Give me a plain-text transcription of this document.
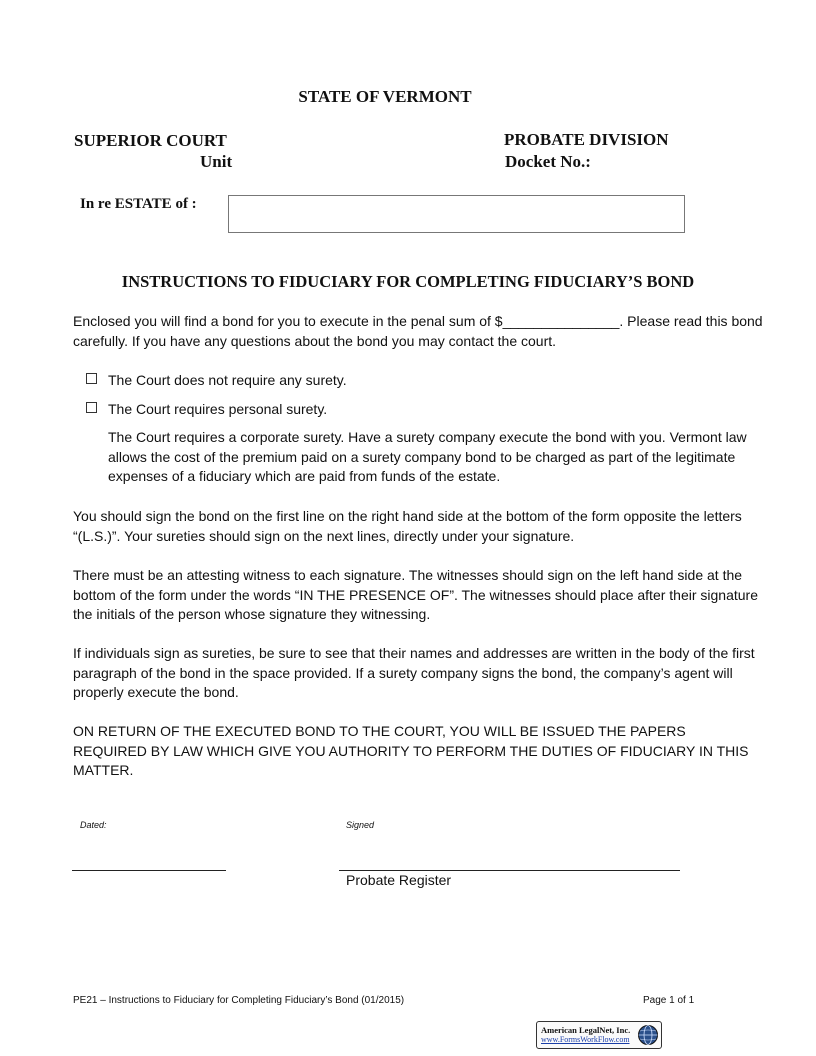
STATE OF VERMONT
SUPERIOR COURT
Unit
PROBATE DIVISION
Docket No.:
In re ESTATE of :
INSTRUCTIONS TO FIDUCIARY FOR COMPLETING FIDUCIARY’S BOND
Enclosed you will find a bond for you to execute in the penal sum of $_______________. Please read this bond carefully. If you have any questions about the bond you may contact the court.
The Court does not require any surety.
The Court requires personal surety.
The Court requires a corporate surety. Have a surety company execute the bond with you. Vermont law allows the cost of the premium paid on a surety company bond to be charged as part of the legitimate expenses of a fiduciary which are paid from funds of the estate.
You should sign the bond on the first line on the right hand side at the bottom of the form opposite the letters “(L.S.)”. Your sureties should sign on the next lines, directly under your signature.
There must be an attesting witness to each signature. The witnesses should sign on the left hand side at the bottom of the form under the words “IN THE PRESENCE OF”. The witnesses should place after their signature the initials of the person whose signature they witnessing.
If individuals sign as sureties, be sure to see that their names and addresses are written in the body of the first paragraph of the bond in the space provided. If a surety company signs the bond, the company’s agent will properly execute the bond.
ON RETURN OF THE EXECUTED BOND TO THE COURT, YOU WILL BE ISSUED THE PAPERS REQUIRED BY LAW WHICH GIVE YOU AUTHORITY TO PERFORM THE DUTIES OF FIDUCIARY IN THIS MATTER.
Dated:	Signed
Probate Register
PE21 – Instructions to Fiduciary for Completing Fiduciary’s Bond (01/2015)	Page 1 of 1
American LegalNet, Inc.
www.FormsWorkFlow.com
